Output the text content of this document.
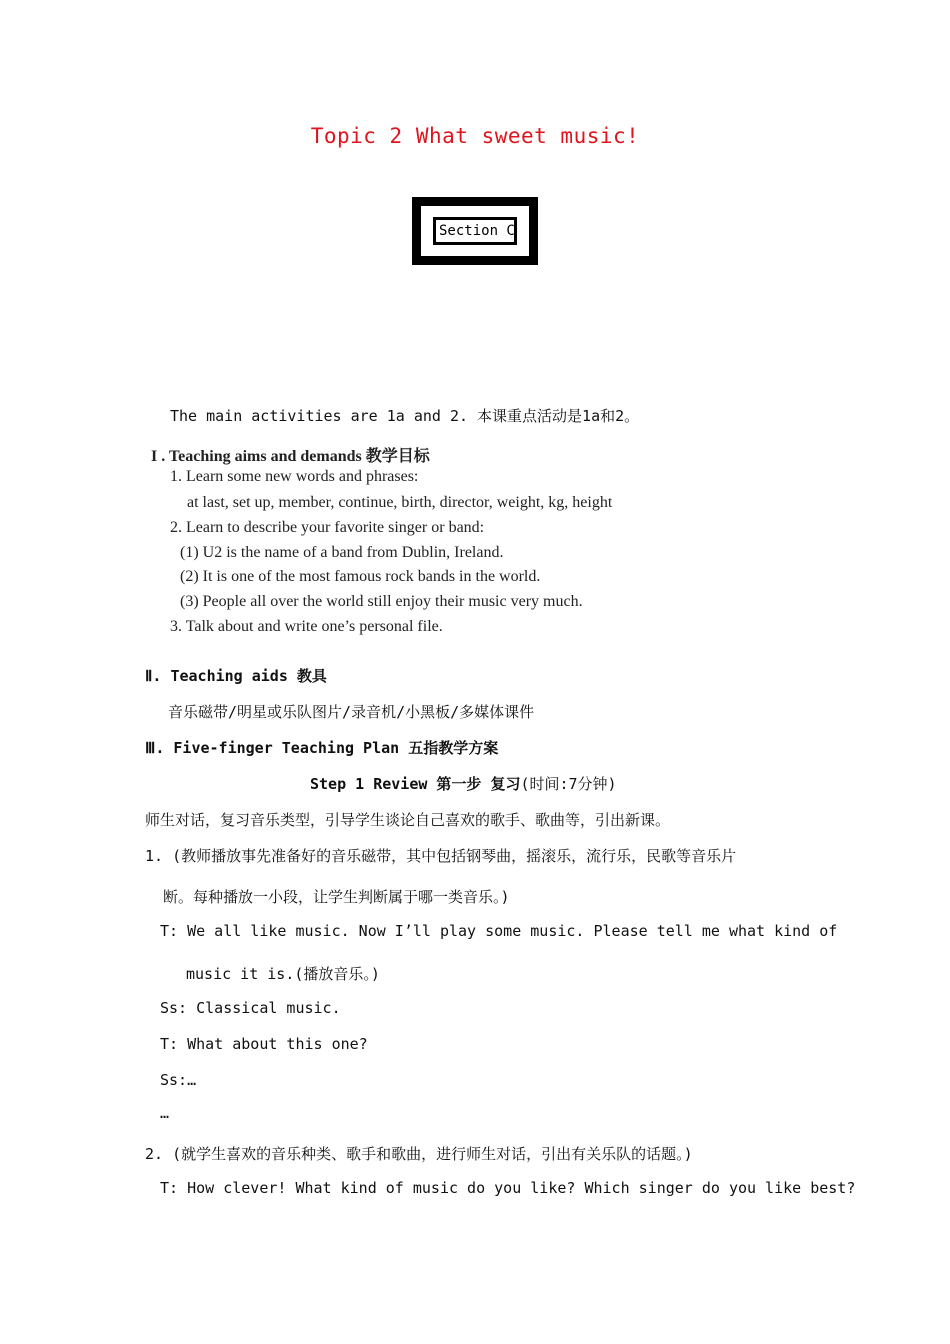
Topic 2 What sweet music!
Section C
The main activities are 1a and 2. 本课重点活动是1a和2。
I . Teaching aims and demands 教学目标
1. Learn some new words and phrases:
at last, set up, member, continue, birth, director, weight, kg, height
2. Learn to describe your favorite singer or band:
(1) U2 is the name of a band from Dublin, Ireland.
(2) It is one of the most famous rock bands in the world.
(3) People all over the world still enjoy their music very much.
3. Talk about and write one’s personal file.
Ⅱ. Teaching aids 教具
音乐磁带/明星或乐队图片/录音机/小黑板/多媒体课件
Ⅲ. Five-finger Teaching Plan 五指教学方案
Step 1 Review 第一步 复习(时间:7分钟)
师生对话，复习音乐类型，引导学生谈论自己喜欢的歌手、歌曲等，引出新课。
1. (教师播放事先准备好的音乐磁带，其中包括钢琴曲，摇滚乐，流行乐，民歌等音乐片
断。每种播放一小段，让学生判断属于哪一类音乐。)
T: We all like music. Now I’ll play some music. Please tell me what kind of
music it is.(播放音乐。)
Ss: Classical music.
T: What about this one?
Ss:…
…
2. (就学生喜欢的音乐种类、歌手和歌曲，进行师生对话，引出有关乐队的话题。)
T: How clever! What kind of music do you like? Which singer do you like best?
